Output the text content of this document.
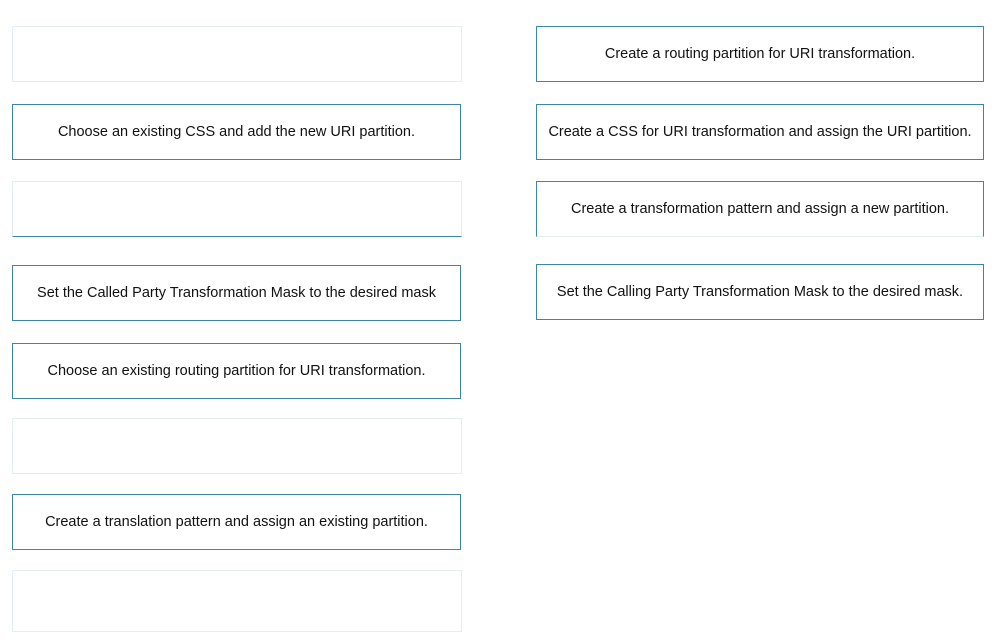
Choose an existing CSS and add the new URI partition.
Set the Called Party Transformation Mask to the desired mask
Choose an existing routing partition for URI transformation.
Create a translation pattern and assign an existing partition.
Create a routing partition for URI transformation.
Create a CSS for URI transformation and assign the URI partition.
Create a transformation pattern and assign a new partition.
Set the Calling Party Transformation Mask to the desired mask.
